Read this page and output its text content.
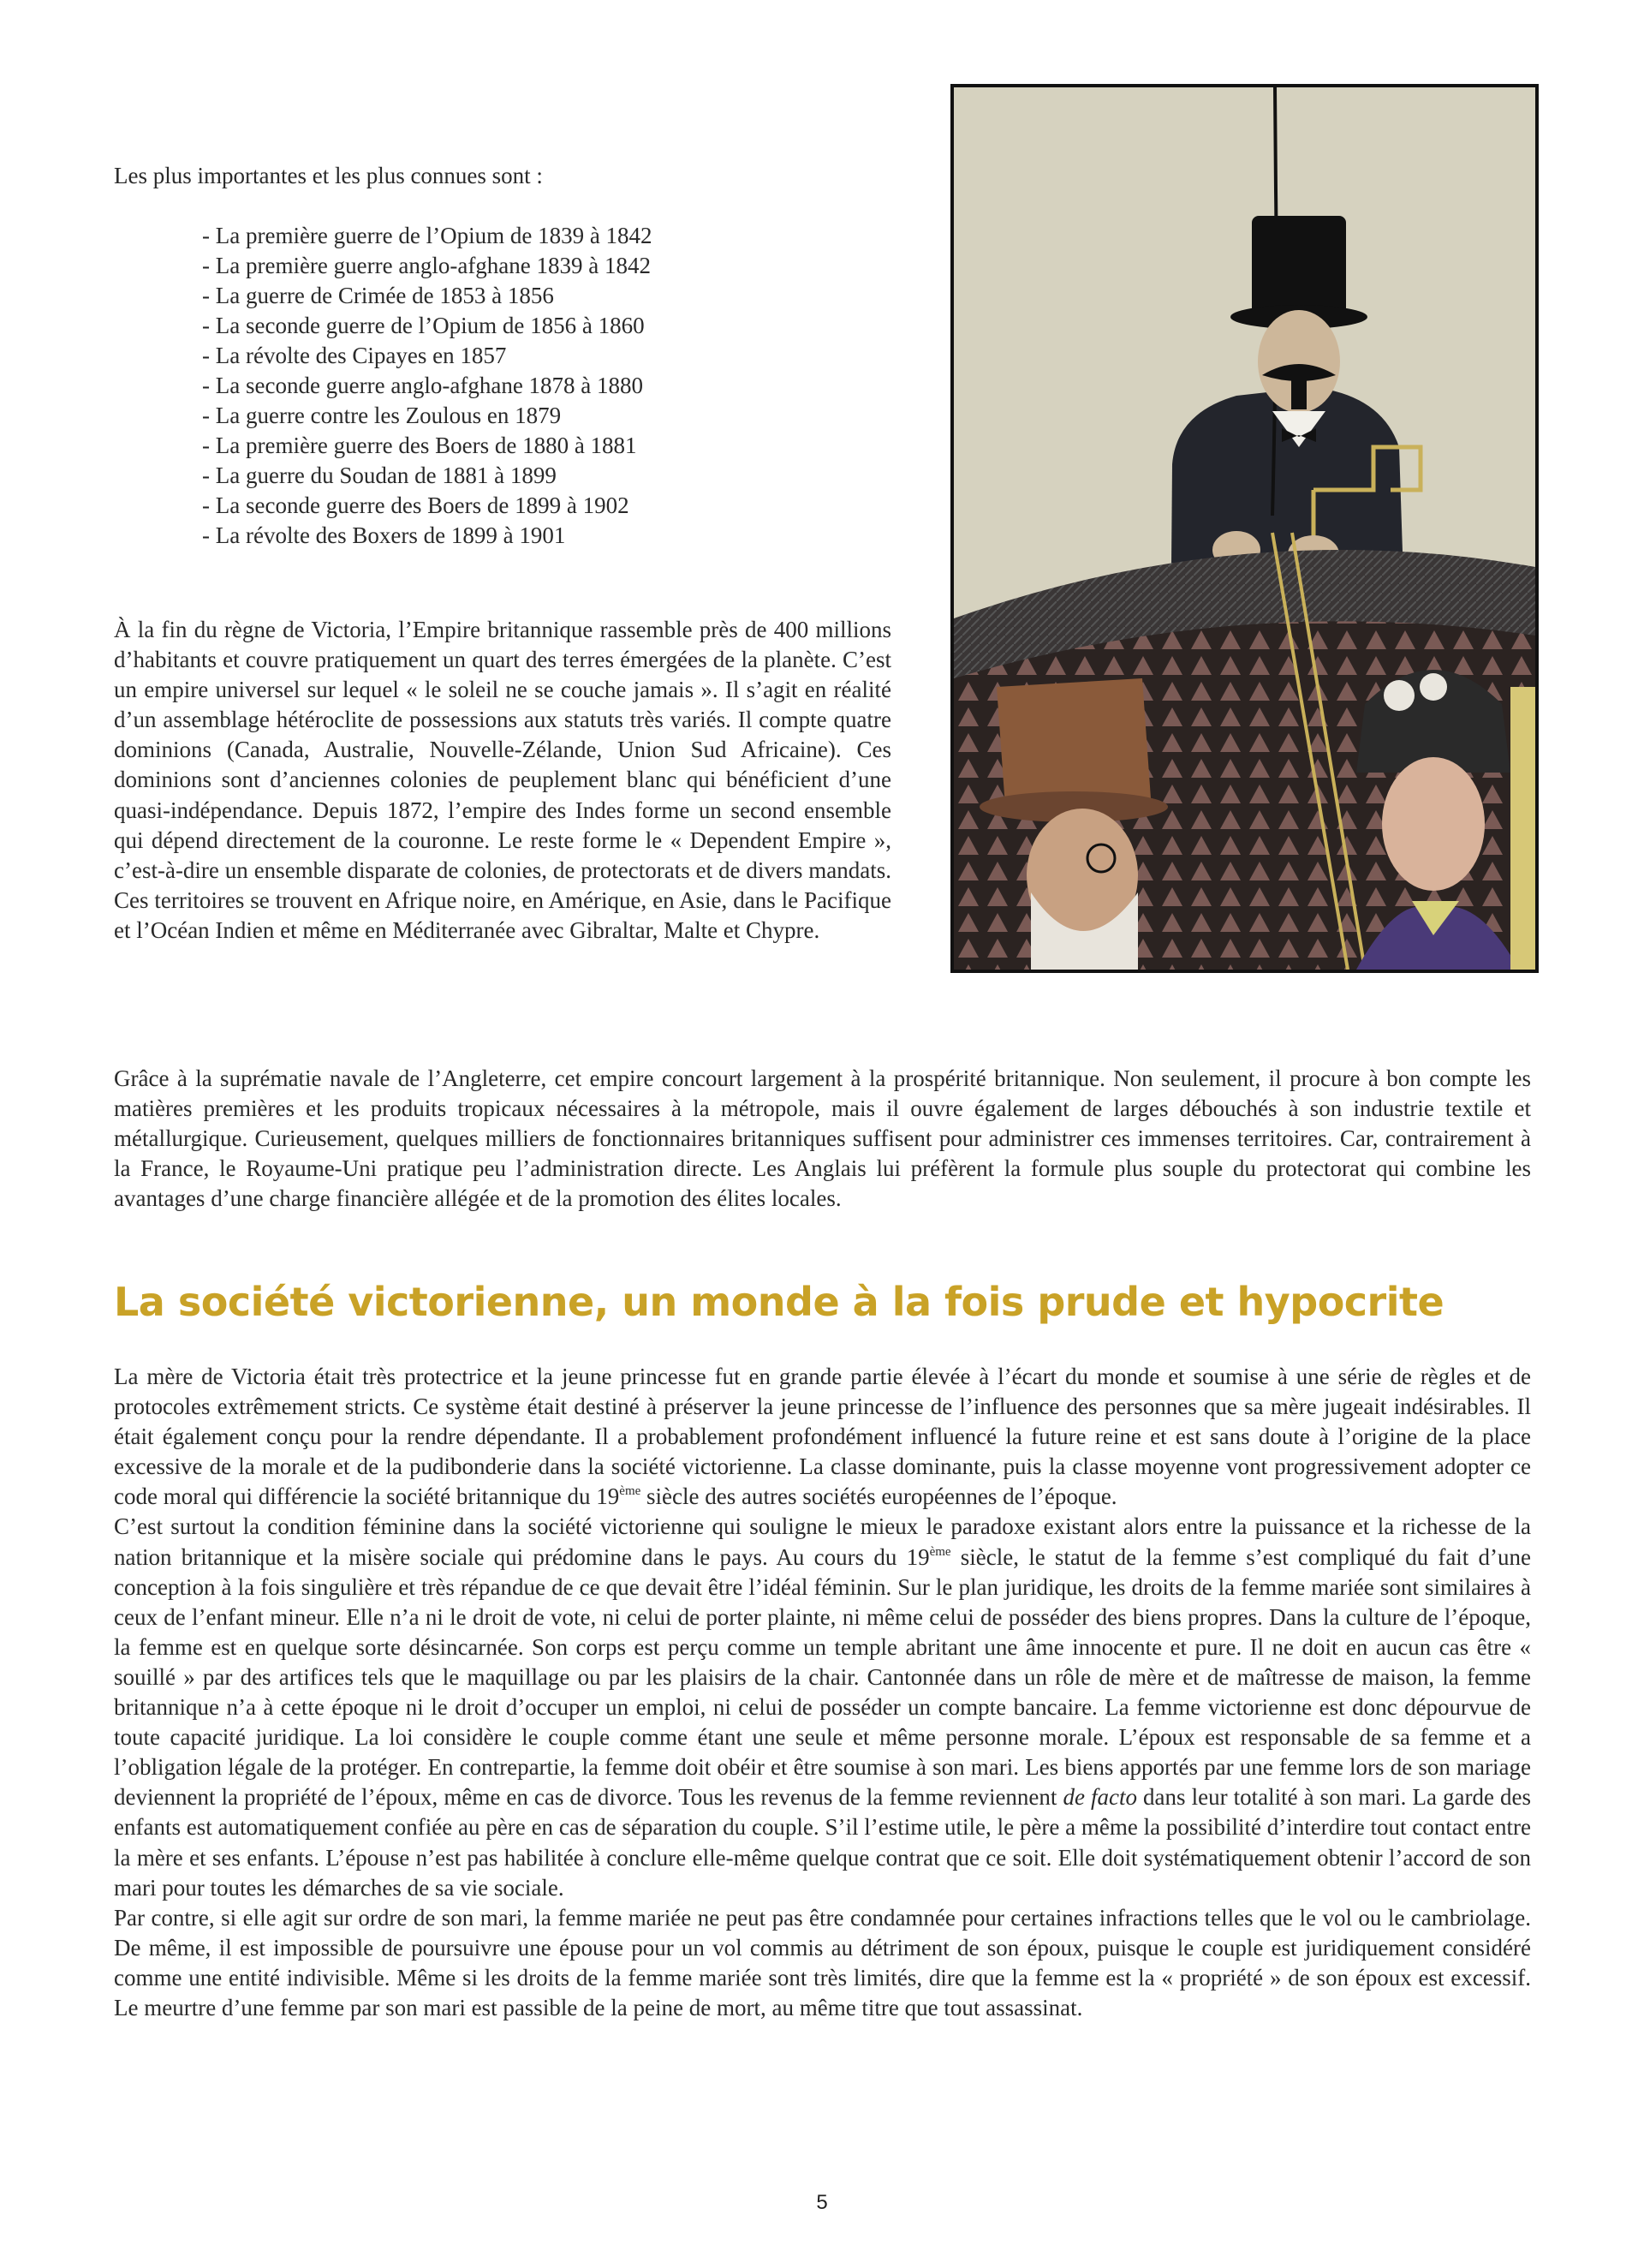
Les plus importantes et les plus connues sont :

- La première guerre de l’Opium de 1839 à 1842
- La première guerre anglo-afghane 1839 à 1842
- La guerre de Crimée de 1853 à 1856
- La seconde guerre de l’Opium de 1856 à 1860
- La révolte des Cipayes en 1857
- La seconde guerre anglo-afghane 1878 à 1880
- La guerre contre les Zoulous en 1879
- La première guerre des Boers de 1880 à 1881
- La guerre du Soudan de 1881 à 1899
- La seconde guerre des Boers de 1899 à 1902
- La révolte des Boxers de 1899 à 1901

À la fin du règne de Victoria, l’Empire britannique rassemble près de 400 millions d’habitants et couvre pratiquement un quart des terres émergées de la planète. C’est un empire universel sur lequel « le soleil ne se couche jamais ». Il s’agit en réalité d’un assemblage hétéroclite de possessions aux statuts très variés. Il compte quatre dominions (Canada, Australie, Nouvelle-Zélande, Union Sud Africaine). Ces dominions sont d’anciennes colonies de peuplement blanc qui bénéficient d’une quasi-indépendance. Depuis 1872, l’empire des Indes forme un second ensemble qui dépend directement de la couronne. Le reste forme le « Dependent Empire », c’est-à-dire un ensemble disparate de colonies, de protectorats et de divers mandats. Ces territoires se trouvent en Afrique noire, en Amérique, en Asie, dans le Pacifique et l’Océan Indien et même en Méditerranée avec Gibraltar, Malte et Chypre.

Grâce à la suprématie navale de l’Angleterre, cet empire concourt largement à la prospérité britannique. Non seulement, il procure à bon compte les matières premières et les produits tropicaux nécessaires à la métropole, mais il ouvre également de larges débouchés à son industrie textile et métallurgique. Curieusement, quelques milliers de fonctionnaires britanniques suffisent pour administrer ces immenses territoires. Car, contrairement à la France, le Royaume-Uni pratique peu l’administration directe. Les Anglais lui préfèrent la formule plus souple du protectorat qui combine les avantages d’une charge financière allégée et de la promotion des élites locales.

La société victorienne, un monde à la fois prude et hypocrite

La mère de Victoria était très protectrice et la jeune princesse fut en grande partie élevée à l’écart du monde et soumise à une série de règles et de protocoles extrêmement stricts. Ce système était destiné à préserver la jeune princesse de l’influence des personnes que sa mère jugeait indésirables. Il était également conçu pour la rendre dépendante. Il a probablement profondément influencé la future reine et est sans doute à l’origine de la place excessive de la morale et de la pudibonderie dans la société victorienne. La classe dominante, puis la classe moyenne vont progressivement adopter ce code moral qui différencie la société britannique du 19ème siècle des autres sociétés européennes de l’époque.

C’est surtout la condition féminine dans la société victorienne qui souligne le mieux le paradoxe existant alors entre la puissance et la richesse de la nation britannique et la misère sociale qui prédomine dans le pays. Au cours du 19ème siècle, le statut de la femme s’est compliqué du fait d’une conception à la fois singulière et très répandue de ce que devait être l’idéal féminin. Sur le plan juridique, les droits de la femme mariée sont similaires à ceux de l’enfant mineur. Elle n’a ni le droit de vote, ni celui de porter plainte, ni même celui de posséder des biens propres. Dans la culture de l’époque, la femme est en quelque sorte désincarnée. Son corps est perçu comme un temple abritant une âme innocente et pure. Il ne doit en aucun cas être « souillé » par des artifices tels que le maquillage ou par les plaisirs de la chair. Cantonnée dans un rôle de mère et de maîtresse de maison, la femme britannique n’a à cette époque ni le droit d’occuper un emploi, ni celui de posséder un compte bancaire. La femme victorienne est donc dépourvue de toute capacité juridique. La loi considère le couple comme étant une seule et même personne morale. L’époux est responsable de sa femme et a l’obligation légale de la protéger. En contrepartie, la femme doit obéir et être soumise à son mari. Les biens apportés par une femme lors de son mariage deviennent la propriété de l’époux, même en cas de divorce. Tous les revenus de la femme reviennent de facto dans leur totalité à son mari. La garde des enfants est automatiquement confiée au père en cas de séparation du couple. S’il l’estime utile, le père a même la possibilité d’interdire tout contact entre la mère et ses enfants. L’épouse n’est pas habilitée à conclure elle-même quelque contrat que ce soit. Elle doit systématiquement obtenir l’accord de son mari pour toutes les démarches de sa vie sociale.

Par contre, si elle agit sur ordre de son mari, la femme mariée ne peut pas être condamnée pour certaines infractions telles que le vol ou le cambriolage. De même, il est impossible de poursuivre une épouse pour un vol commis au détriment de son époux, puisque le couple est juridiquement considéré comme une entité indivisible. Même si les droits de la femme mariée sont très limités, dire que la femme est la « propriété » de son époux est excessif. Le meurtre d’une femme par son mari est passible de la peine de mort, au même titre que tout assassinat.

5
